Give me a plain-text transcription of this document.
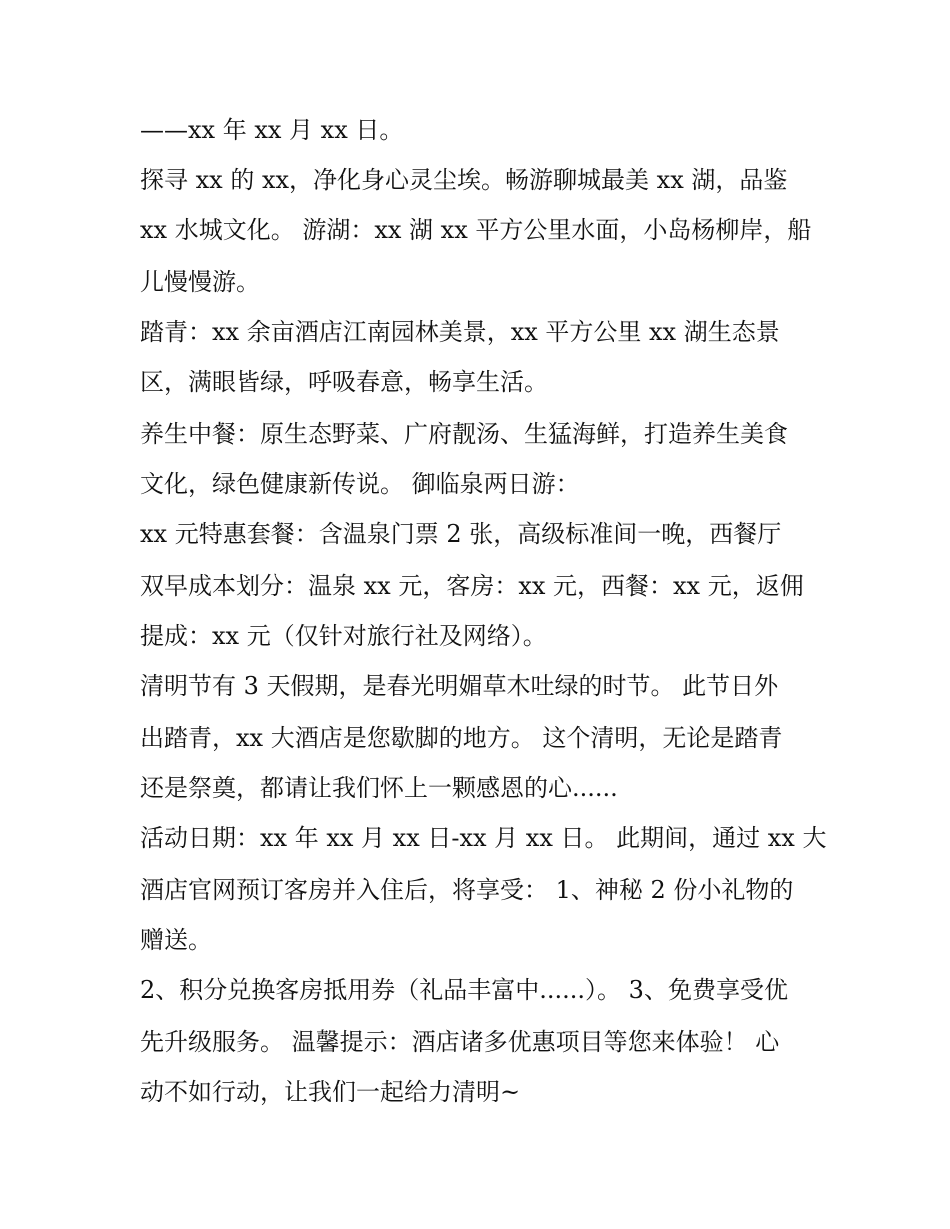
——xx 年 xx 月 xx 日。
探寻 xx 的 xx，净化身心灵尘埃。畅游聊城最美 xx 湖，品鉴
xx 水城文化。 游湖：xx 湖 xx 平方公里水面，小岛杨柳岸，船
儿慢慢游。
踏青：xx 余亩酒店江南园林美景，xx 平方公里 xx 湖生态景
区，满眼皆绿，呼吸春意，畅享生活。
养生中餐：原生态野菜、广府靓汤、生猛海鲜，打造养生美食
文化，绿色健康新传说。 御临泉两日游：
xx 元特惠套餐：含温泉门票 2 张，高级标准间一晚，西餐厅
双早成本划分：温泉 xx 元，客房：xx 元，西餐：xx 元，返佣
提成：xx 元（仅针对旅行社及网络）。
清明节有 3 天假期，是春光明媚草木吐绿的时节。 此节日外
出踏青，xx 大酒店是您歇脚的地方。 这个清明，无论是踏青
还是祭奠，都请让我们怀上一颗感恩的心......
活动日期：xx 年 xx 月 xx 日-xx 月 xx 日。 此期间，通过 xx 大
酒店官网预订客房并入住后，将享受： 1、神秘 2 份小礼物的
赠送。
2、积分兑换客房抵用券（礼品丰富中......）。 3、免费享受优
先升级服务。 温馨提示：酒店诸多优惠项目等您来体验！ 心
动不如行动，让我们一起给力清明~
